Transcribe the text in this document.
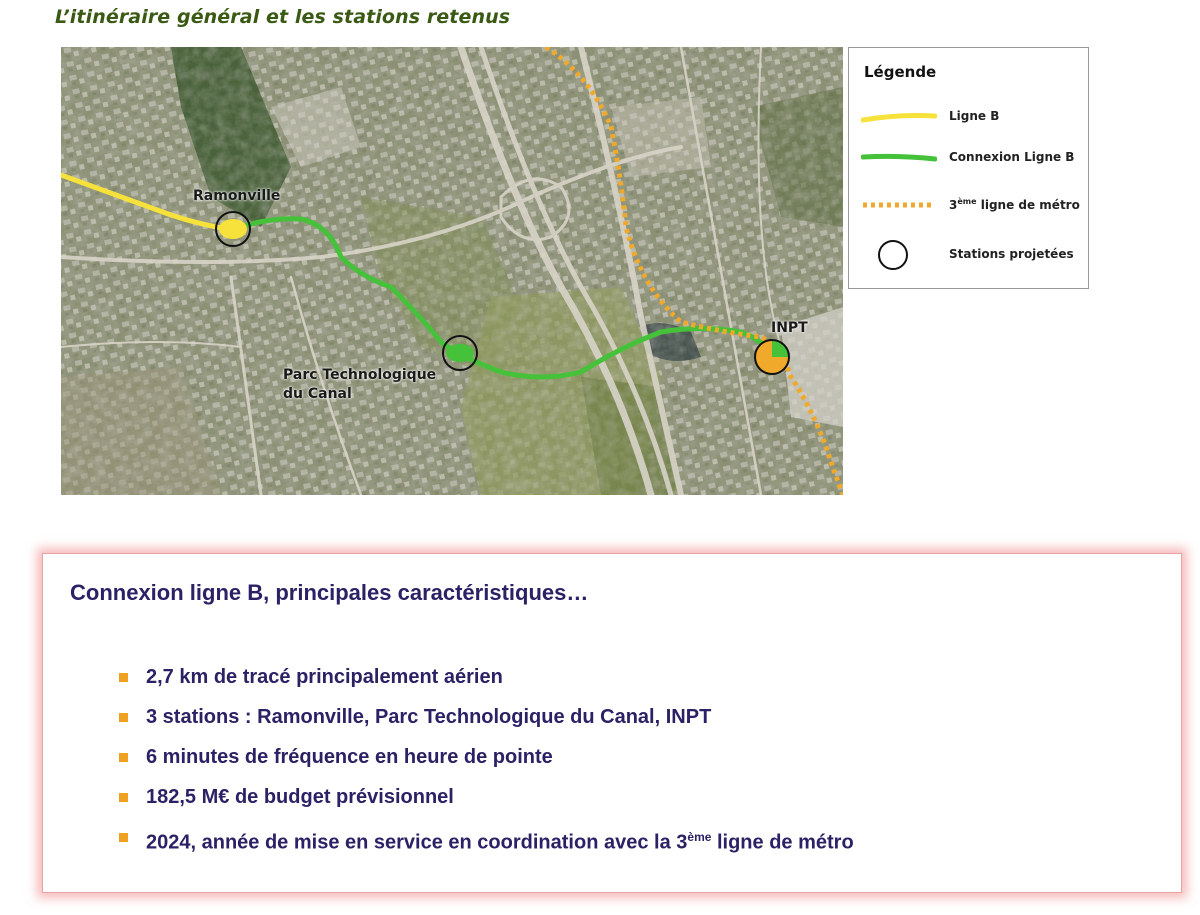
L’itinéraire général et les stations retenus
Ramonville
Parc Technologique
du Canal
INPT
Légende
Ligne B
Connexion Ligne B
3ème ligne de métro
Stations projetées
Connexion ligne B, principales caractéristiques…
2,7 km de tracé principalement aérien
3 stations : Ramonville, Parc Technologique du Canal, INPT
6 minutes de fréquence en heure de pointe
182,5 M€ de budget prévisionnel
2024, année de mise en service en coordination avec la 3ème ligne de métro
